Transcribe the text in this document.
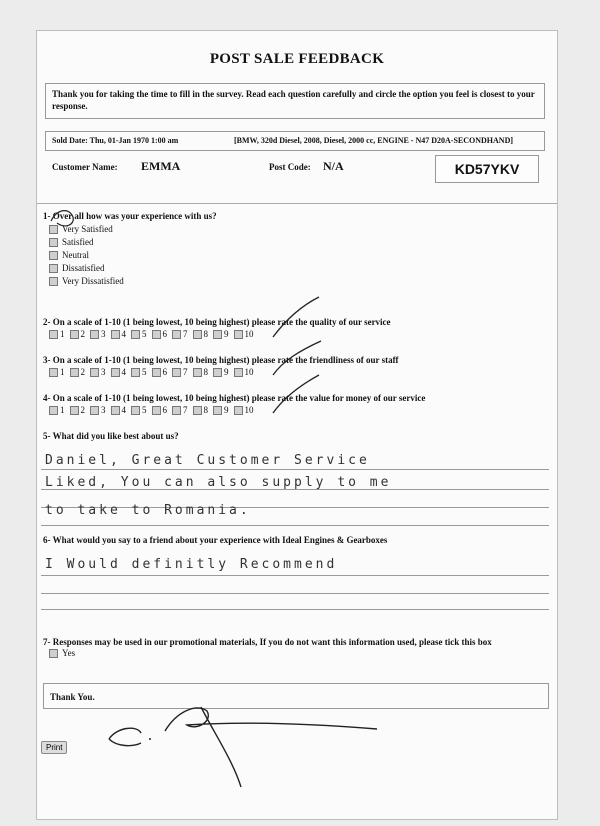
POST SALE FEEDBACK
Thank you for taking the time to fill in the survey. Read each question carefully and circle the option you feel is closest to your response.
Sold Date: Thu, 01-Jan 1970 1:00 am	[BMW, 320d Diesel, 2008, Diesel, 2000 cc, ENGINE - N47 D20A-SECONDHAND]
Customer Name: EMMA	Post Code: N/A	KD57YKV
1- Over all how was your experience with us?
Very Satisfied
Satisfied
Neutral
Dissatisfied
Very Dissatisfied
2- On a scale of 1-10 (1 being lowest, 10 being highest) please rate the quality of our service
1 2 3 4 5 6 7 8 9 10
3- On a scale of 1-10 (1 being lowest, 10 being highest) please rate the friendliness of our staff
1 2 3 4 5 6 7 8 9 10
4- On a scale of 1-10 (1 being lowest, 10 being highest) please rate the value for money of our service
1 2 3 4 5 6 7 8 9 10
5- What did you like best about us?
Daniel, Great Customer Service
Liked, You can also supply to me
to take to Romania.
6- What would you say to a friend about your experience with Ideal Engines & Gearboxes
I Would definitly Recommend
7- Responses may be used in our promotional materials, If you do not want this information used, please tick this box
Yes
Thank You.
Print
